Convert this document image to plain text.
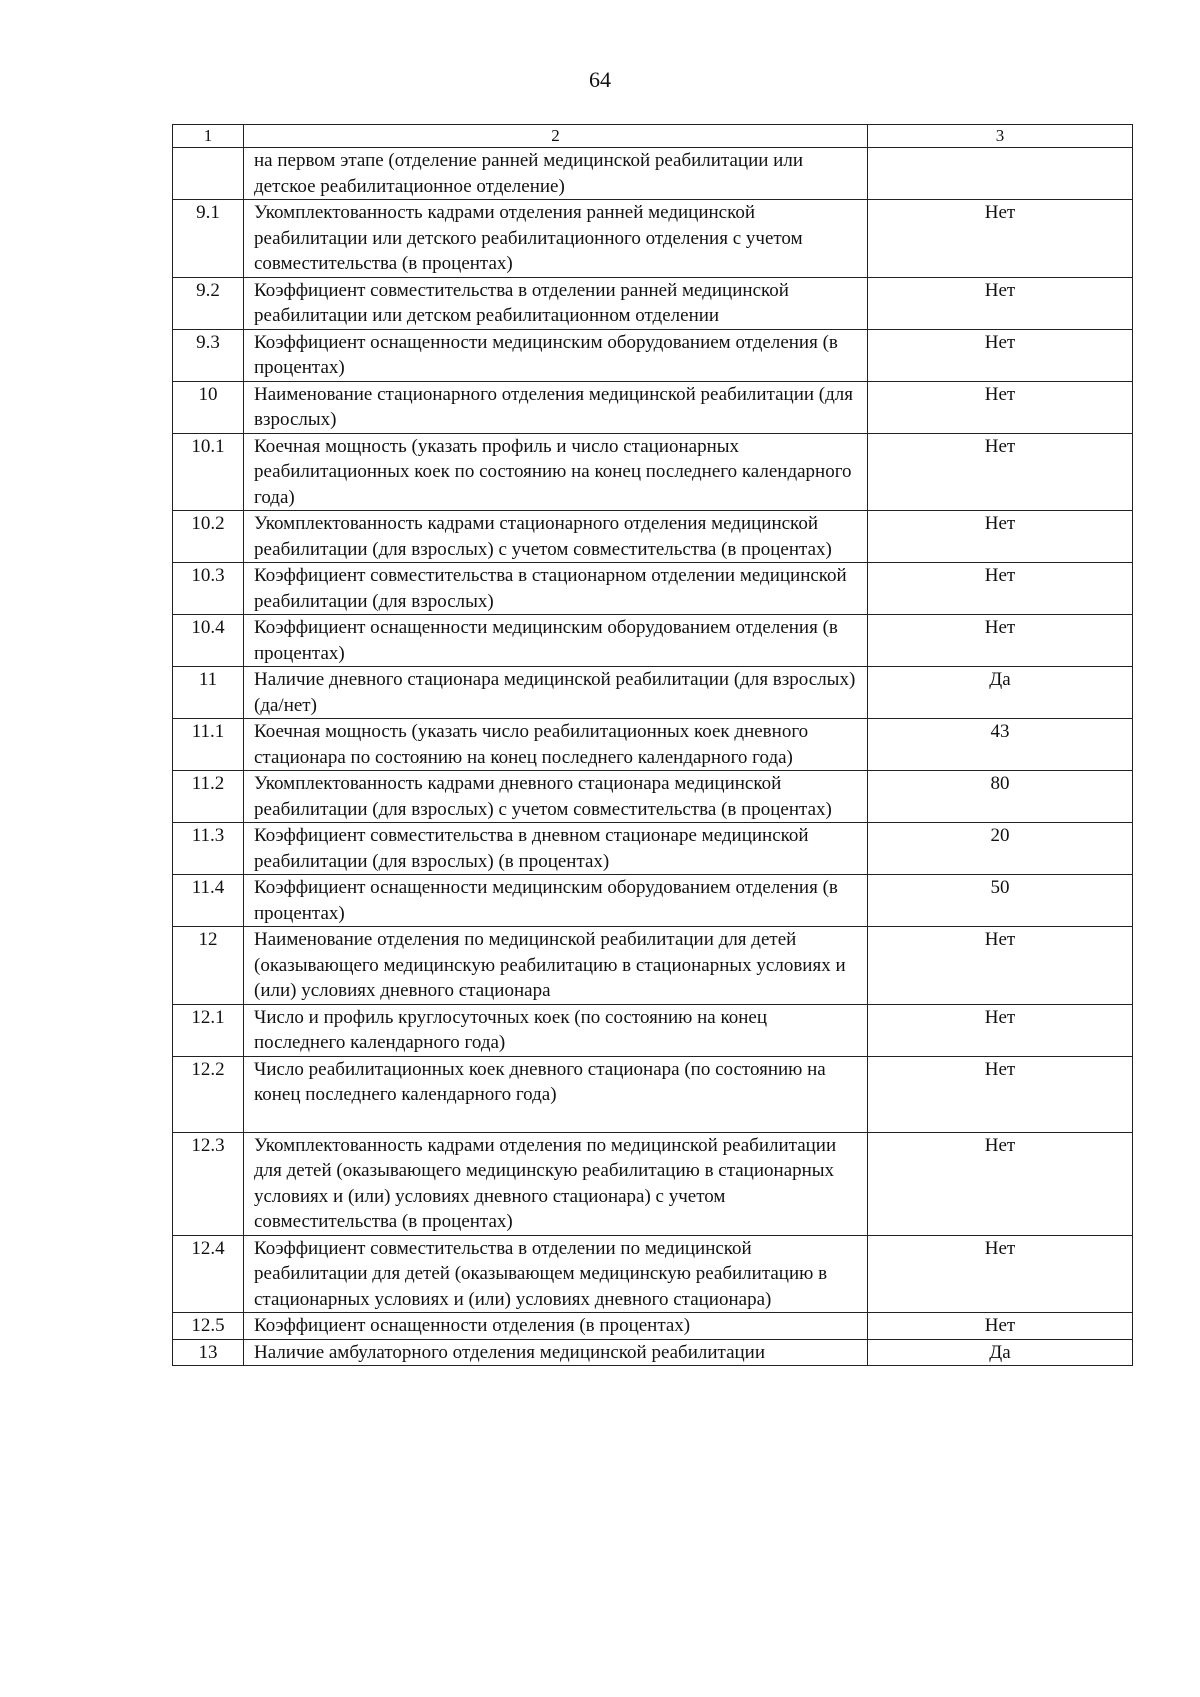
64
1	2	3
	на первом этапе (отделение ранней медицинской реабилитации или детское реабилитационное отделение)	
9.1	Укомплектованность кадрами отделения ранней медицинской реабилитации или детского реабилитационного отделения с учетом совместительства (в процентах)	Нет
9.2	Коэффициент совместительства в отделении ранней медицинской реабилитации или детском реабилитационном отделении	Нет
9.3	Коэффициент оснащенности медицинским оборудованием отделения (в процентах)	Нет
10	Наименование стационарного отделения медицинской реабилитации (для взрослых)	Нет
10.1	Коечная мощность (указать профиль и число стационарных реабилитационных коек по состоянию на конец последнего календарного года)	Нет
10.2	Укомплектованность кадрами стационарного отделения медицинской реабилитации (для взрослых) с учетом совместительства (в процентах)	Нет
10.3	Коэффициент совместительства в стационарном отделении медицинской реабилитации (для взрослых)	Нет
10.4	Коэффициент оснащенности медицинским оборудованием отделения (в процентах)	Нет
11	Наличие дневного стационара медицинской реабилитации (для взрослых) (да/нет)	Да
11.1	Коечная мощность (указать число реабилитационных коек дневного стационара по состоянию на конец последнего календарного года)	43
11.2	Укомплектованность кадрами дневного стационара медицинской реабилитации (для взрослых) с учетом совместительства (в процентах)	80
11.3	Коэффициент совместительства в дневном стационаре медицинской реабилитации (для взрослых) (в процентах)	20
11.4	Коэффициент оснащенности медицинским оборудованием отделения (в процентах)	50
12	Наименование отделения по медицинской реабилитации для детей (оказывающего медицинскую реабилитацию в стационарных условиях и (или) условиях дневного стационара	Нет
12.1	Число и профиль круглосуточных коек (по состоянию на конец последнего календарного года)	Нет
12.2	Число реабилитационных коек дневного стационара (по состоянию на конец последнего календарного года)	Нет
12.3	Укомплектованность кадрами отделения по медицинской реабилитации для детей (оказывающего медицинскую реабилитацию в стационарных условиях и (или) условиях дневного стационара) с учетом совместительства (в процентах)	Нет
12.4	Коэффициент совместительства в отделении по медицинской реабилитации для детей (оказывающем медицинскую реабилитацию в стационарных условиях и (или) условиях дневного стационара)	Нет
12.5	Коэффициент оснащенности отделения (в процентах)	Нет
13	Наличие амбулаторного отделения медицинской реабилитации	Да
